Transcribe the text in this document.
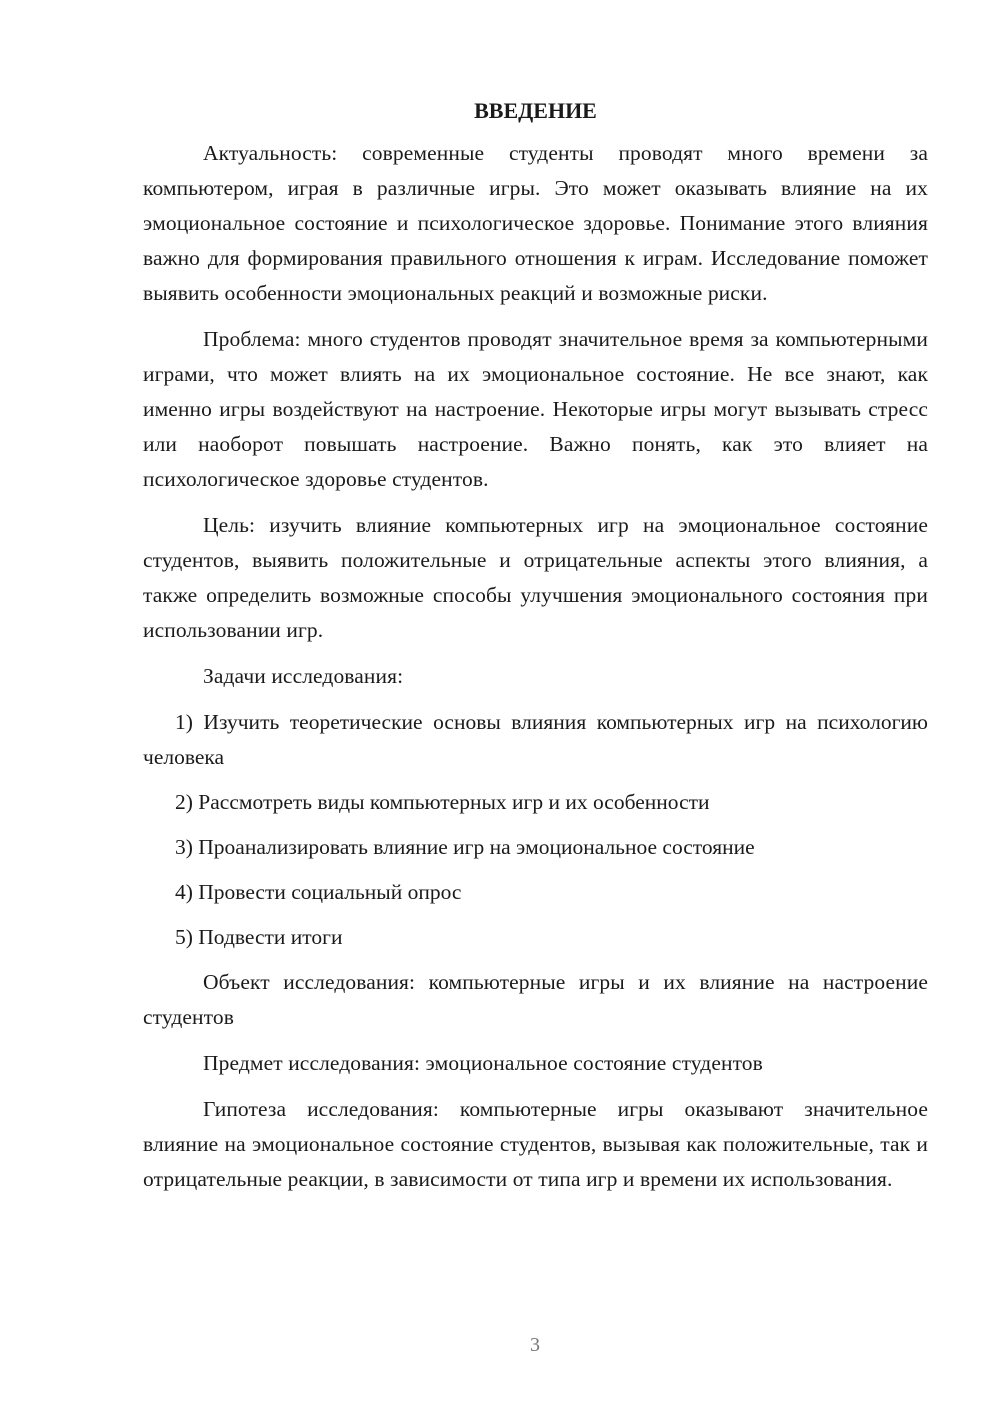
ВВЕДЕНИЕ

Актуальность: современные студенты проводят много времени за компьютером, играя в различные игры. Это может оказывать влияние на их эмоциональное состояние и психологическое здоровье. Понимание этого влияния важно для формирования правильного отношения к играм. Исследование поможет выявить особенности эмоциональных реакций и возможные риски.

Проблема: много студентов проводят значительное время за компьютерными играми, что может влиять на их эмоциональное состояние. Не все знают, как именно игры воздействуют на настроение. Некоторые игры могут вызывать стресс или наоборот повышать настроение. Важно понять, как это влияет на психологическое здоровье студентов.

Цель: изучить влияние компьютерных игр на эмоциональное состояние студентов, выявить положительные и отрицательные аспекты этого влияния, а также определить возможные способы улучшения эмоционального состояния при использовании игр.

Задачи исследования:

1) Изучить теоретические основы влияния компьютерных игр на психологию человека

2) Рассмотреть виды компьютерных игр и их особенности

3) Проанализировать влияние игр на эмоциональное состояние

4) Провести социальный опрос

5) Подвести итоги

Объект исследования: компьютерные игры и их влияние на настроение студентов

Предмет исследования: эмоциональное состояние студентов

Гипотеза исследования: компьютерные игры оказывают значительное влияние на эмоциональное состояние студентов, вызывая как положительные, так и отрицательные реакции, в зависимости от типа игр и времени их использования.

3
